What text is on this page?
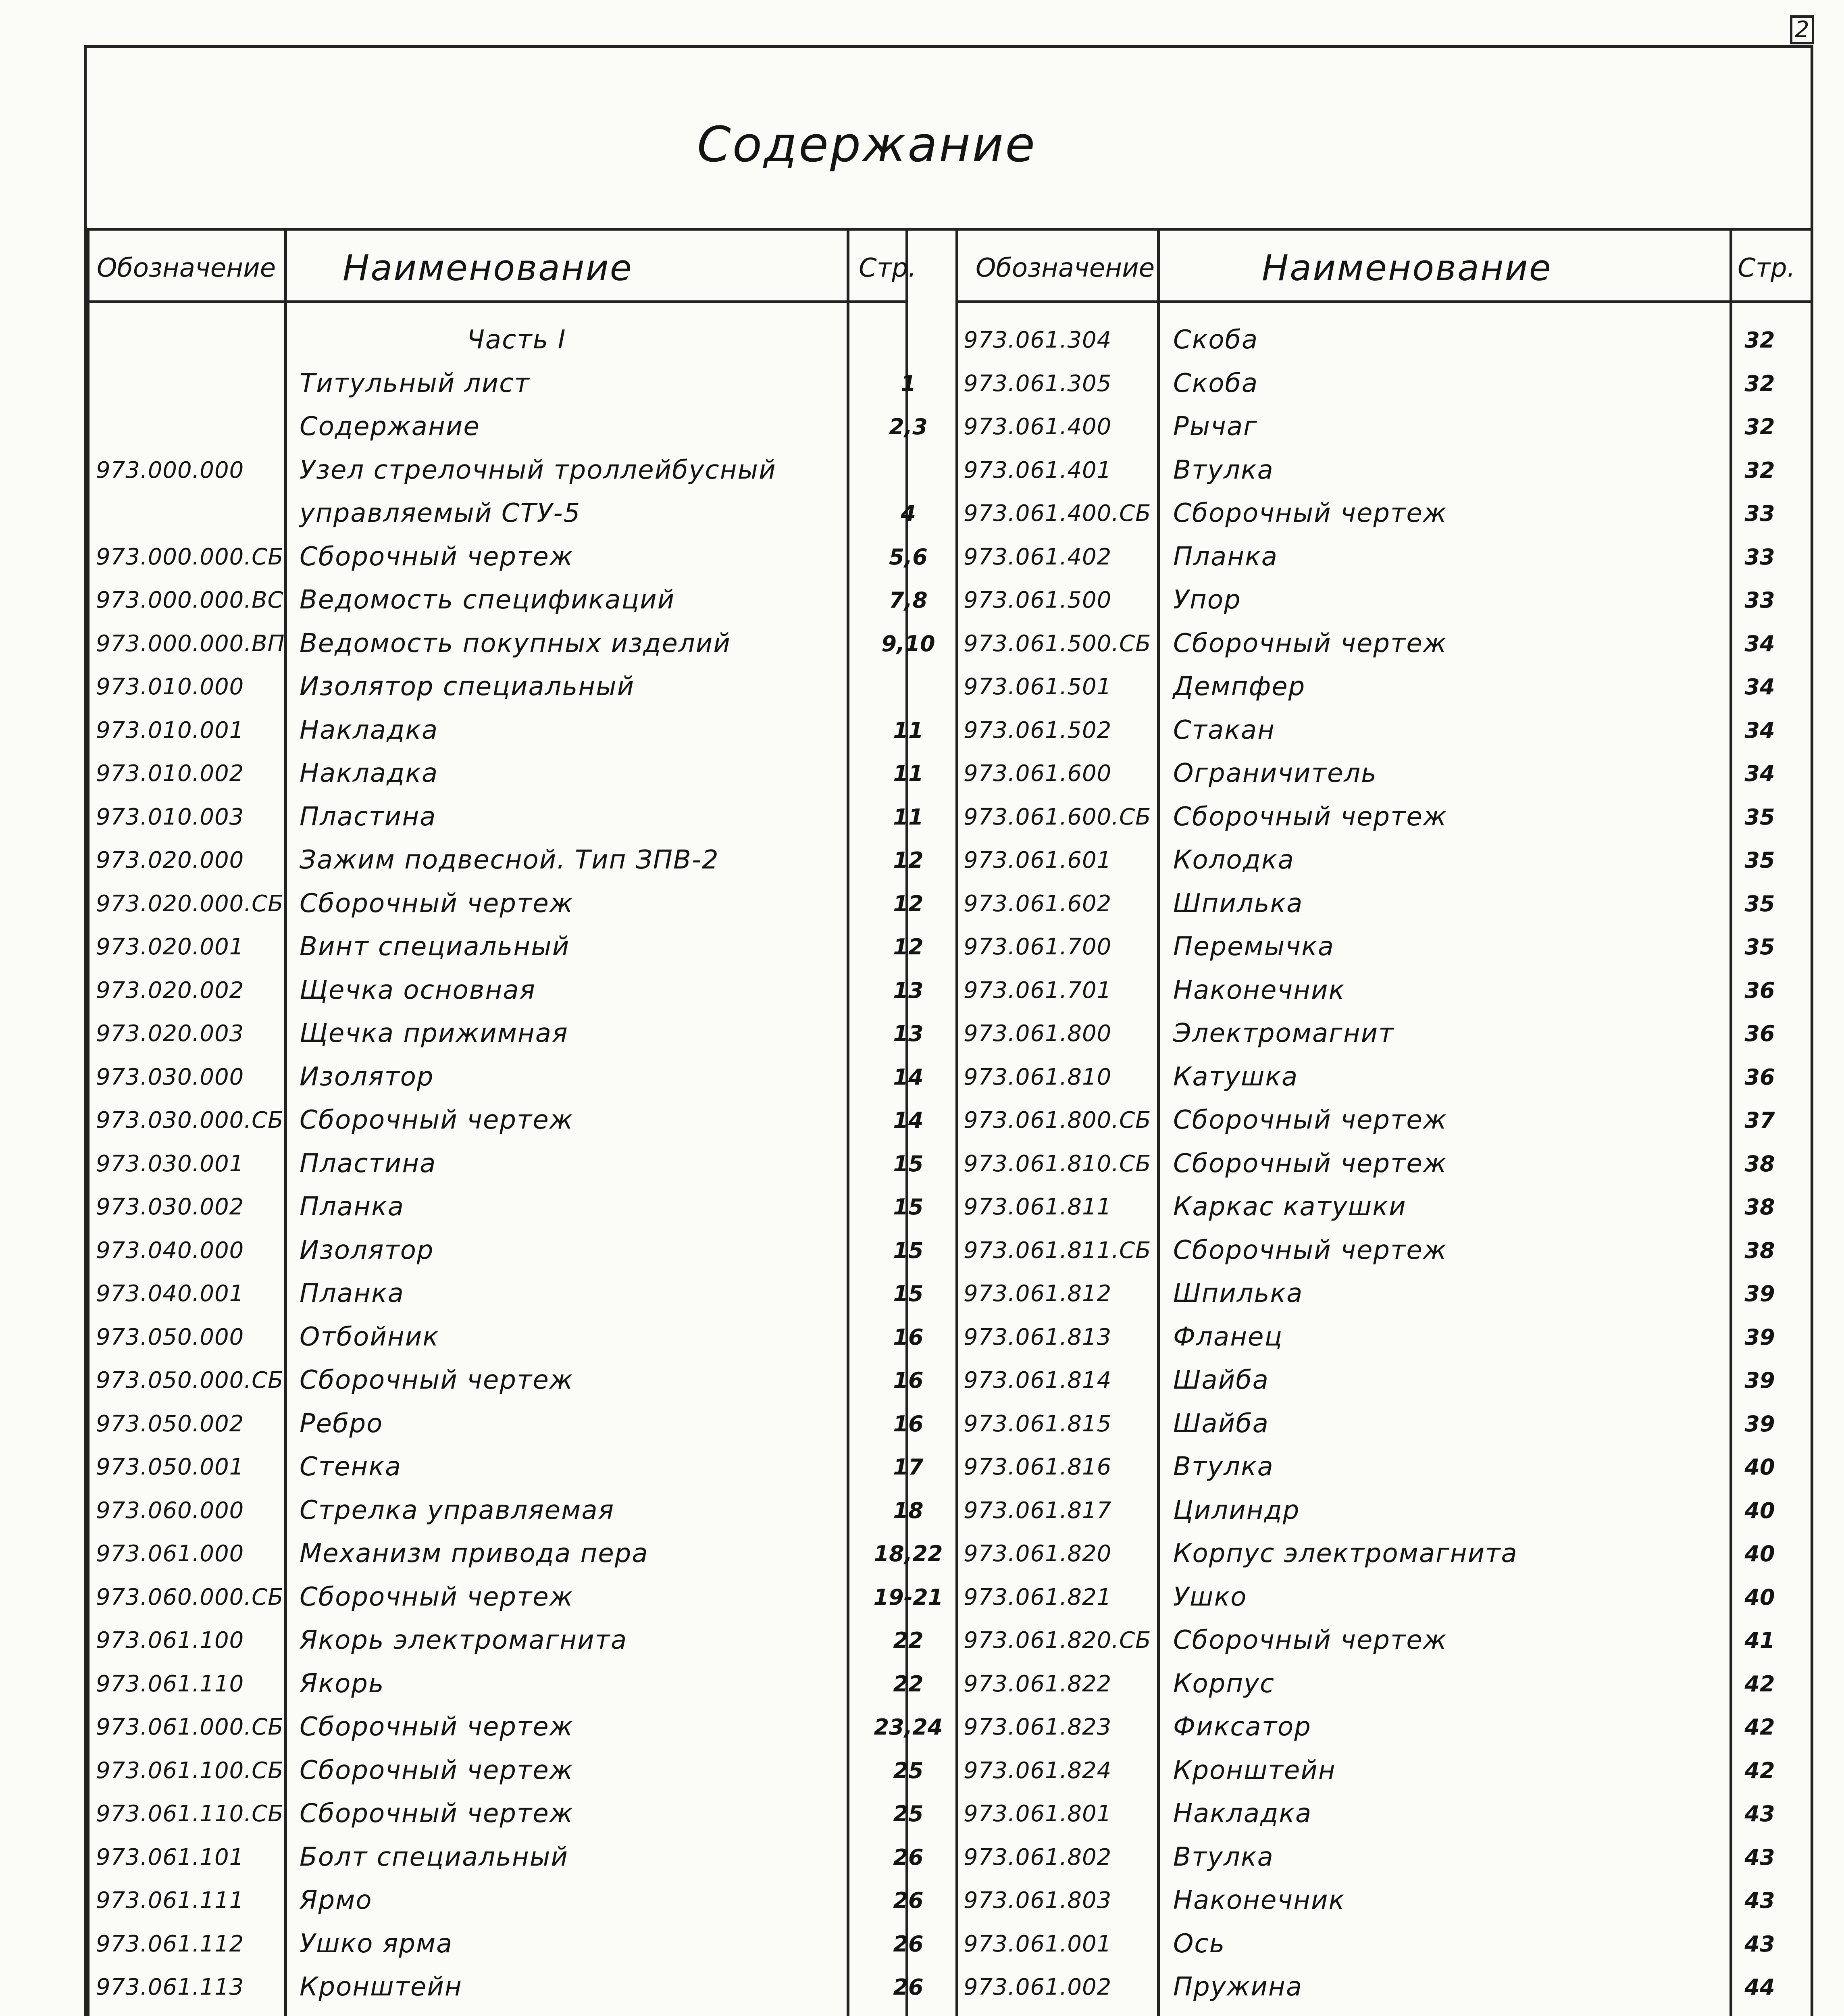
2
Содержание
Обозначение Наименование	Стр. Обозначение	Наименование	Стр.
Часть I
Титульный лист	1
Содержание	2,3
973.000.000 Узел стрелочный троллейбусный
управляемый СТУ-5	4
973.000.000.СБ Сборочный чертеж	5,6
973.000.000.ВС Ведомость спецификаций	7,8
973.000.000.ВП Ведомость покупных изделий	9,10
973.010.000 Изолятор специальный
973.010.001 Накладка	11
973.010.002 Накладка	11
973.010.003 Пластина	11
973.020.000 Зажим подвесной. Тип ЗПВ-2	12
973.020.000.СБ Сборочный чертеж	12
973.020.001 Винт специальный	12
973.020.002 Щечка основная	13
973.020.003 Щечка прижимная	13
973.030.000 Изолятор	14
973.030.000.СБ Сборочный чертеж	14
973.030.001 Пластина	15
973.030.002 Планка	15
973.040.000 Изолятор	15
973.040.001 Планка	15
973.050.000 Отбойник	16
973.050.000.СБ Сборочный чертеж	16
973.050.002 Ребро	16
973.050.001 Стенка	17
973.060.000 Стрелка управляемая	18
973.061.000 Механизм привода пера	18,22
973.060.000.СБ Сборочный чертеж	19-21
973.061.100 Якорь электромагнита	22
973.061.110 Якорь	22
973.061.000.СБ Сборочный чертеж	23,24
973.061.100.СБ Сборочный чертеж	25
973.061.110.СБ Сборочный чертеж	25
973.061.101 Болт специальный	26
973.061.111 Ярмо	26
973.061.112 Ушко ярма	26
973.061.113 Кронштейн	26
973.061.304 Скоба	32
973.061.305 Скоба	32
973.061.400 Рычаг	32
973.061.401 Втулка	32
973.061.400.СБ Сборочный чертеж	33
973.061.402 Планка	33
973.061.500 Упор	33
973.061.500.СБ Сборочный чертеж	34
973.061.501 Демпфер	34
973.061.502 Стакан	34
973.061.600 Ограничитель	34
973.061.600.СБ Сборочный чертеж	35
973.061.601 Колодка	35
973.061.602 Шпилька	35
973.061.700 Перемычка	35
973.061.701 Наконечник	36
973.061.800 Электромагнит	36
973.061.810 Катушка	36
973.061.800.СБ Сборочный чертеж	37
973.061.810.СБ Сборочный чертеж	38
973.061.811 Каркас катушки	38
973.061.811.СБ Сборочный чертеж	38
973.061.812 Шпилька	39
973.061.813 Фланец	39
973.061.814 Шайба	39
973.061.815 Шайба	39
973.061.816 Втулка	40
973.061.817 Цилиндр	40
973.061.820 Корпус электромагнита	40
973.061.821 Ушко	40
973.061.820.СБ Сборочный чертеж	41
973.061.822 Корпус	42
973.061.823 Фиксатор	42
973.061.824 Кронштейн	42
973.061.801 Накладка	43
973.061.802 Втулка	43
973.061.803 Наконечник	43
973.061.001 Ось	43
973.061.002 Пружина	44
